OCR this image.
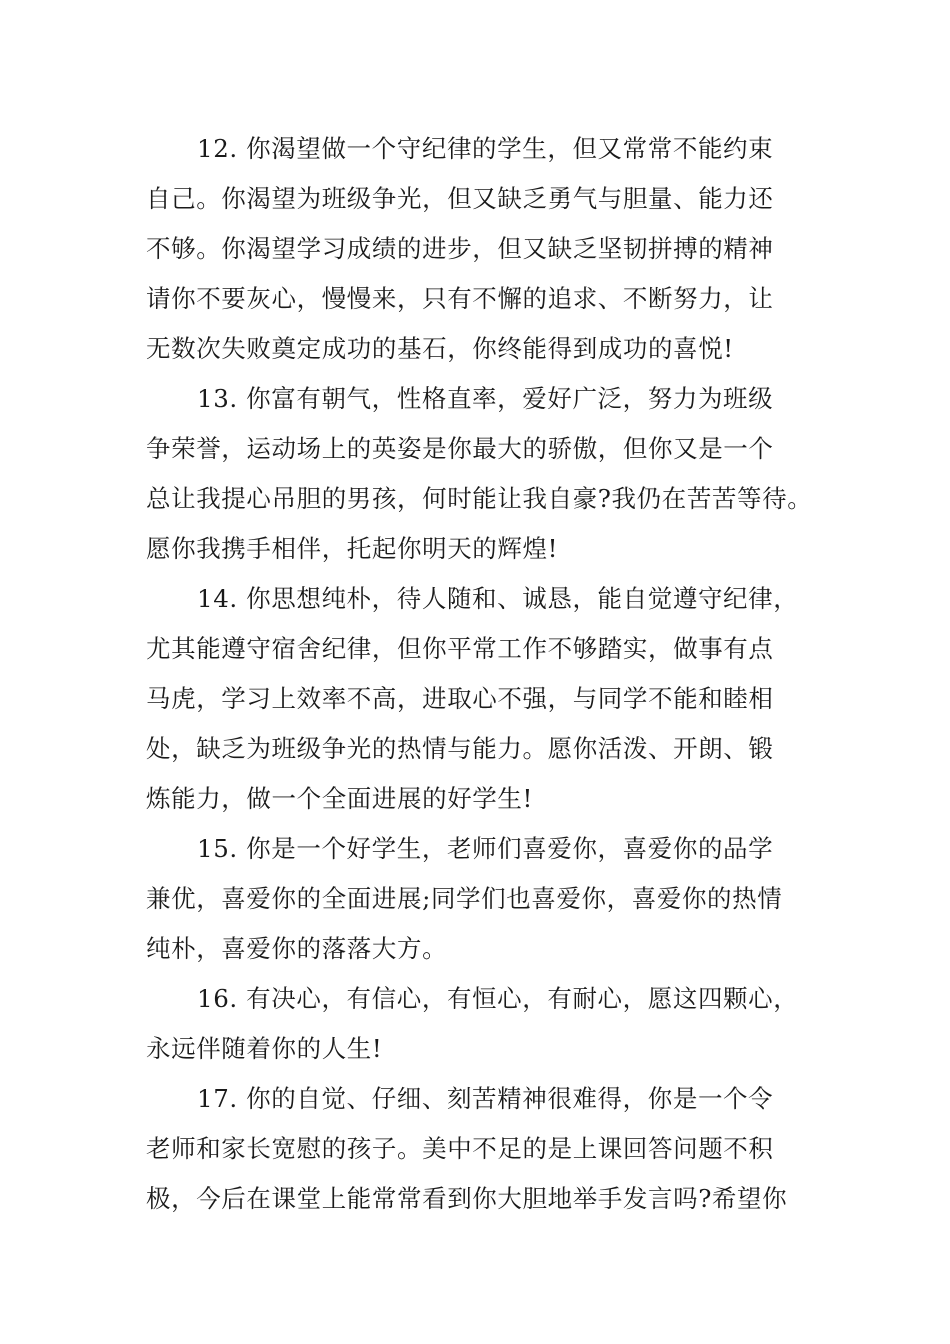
12. 你渴望做一个守纪律的学生，但又常常不能约束
自己。你渴望为班级争光，但又缺乏勇气与胆量、能力还
不够。你渴望学习成绩的进步，但又缺乏坚韧拼搏的精神
请你不要灰心，慢慢来，只有不懈的追求、不断努力，让
无数次失败奠定成功的基石，你终能得到成功的喜悦!
13. 你富有朝气，性格直率，爱好广泛，努力为班级
争荣誉，运动场上的英姿是你最大的骄傲，但你又是一个
总让我提心吊胆的男孩，何时能让我自豪?我仍在苦苦等待。
愿你我携手相伴，托起你明天的辉煌!
14. 你思想纯朴，待人随和、诚恳，能自觉遵守纪律，
尤其能遵守宿舍纪律，但你平常工作不够踏实，做事有点
马虎，学习上效率不高，进取心不强，与同学不能和睦相
处，缺乏为班级争光的热情与能力。愿你活泼、开朗、锻
炼能力，做一个全面进展的好学生!
15. 你是一个好学生，老师们喜爱你，喜爱你的品学
兼优，喜爱你的全面进展;同学们也喜爱你，喜爱你的热情
纯朴，喜爱你的落落大方。
16. 有决心，有信心，有恒心，有耐心，愿这四颗心，
永远伴随着你的人生!
17. 你的自觉、仔细、刻苦精神很难得，你是一个令
老师和家长宽慰的孩子。美中不足的是上课回答问题不积
极，今后在课堂上能常常看到你大胆地举手发言吗?希望你
